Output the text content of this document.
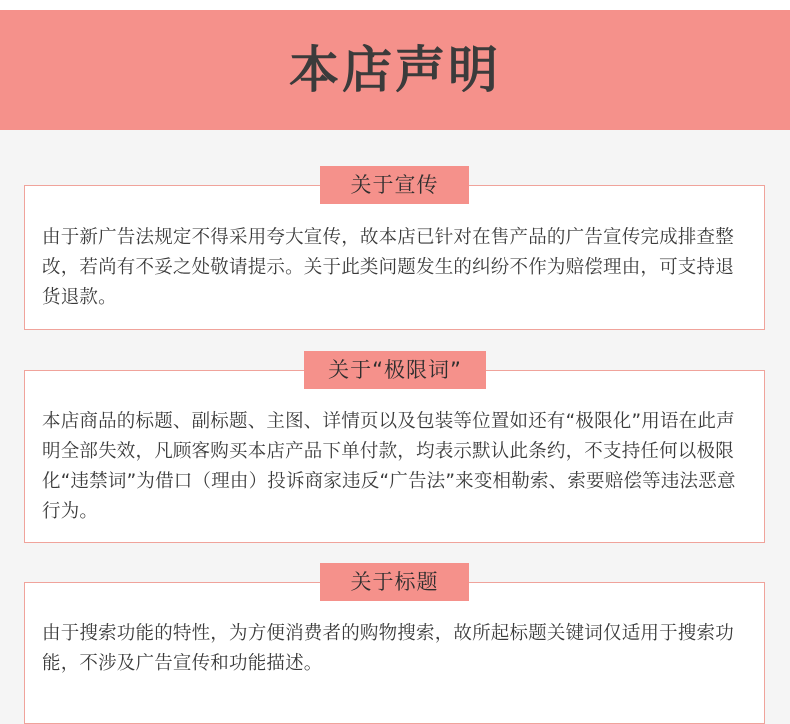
本店声明

由于新广告法规定不得采用夸大宣传，故本店已针对在售产品的广告宣传完成排查整改，若尚有不妥之处敬请提示。关于此类问题发生的纠纷不作为赔偿理由，可支持退货退款。

关于宣传

本店商品的标题、副标题、主图、详情页以及包装等位置如还有“极限化”用语在此声明全部失效，凡顾客购买本店产品下单付款，均表示默认此条约，不支持任何以极限化“违禁词”为借口（理由）投诉商家违反“广告法”来变相勒索、索要赔偿等违法恶意行为。

关于“极限词”

由于搜索功能的特性，为方便消费者的购物搜索，故所起标题关键词仅适用于搜索功能，不涉及广告宣传和功能描述。

关于标题
